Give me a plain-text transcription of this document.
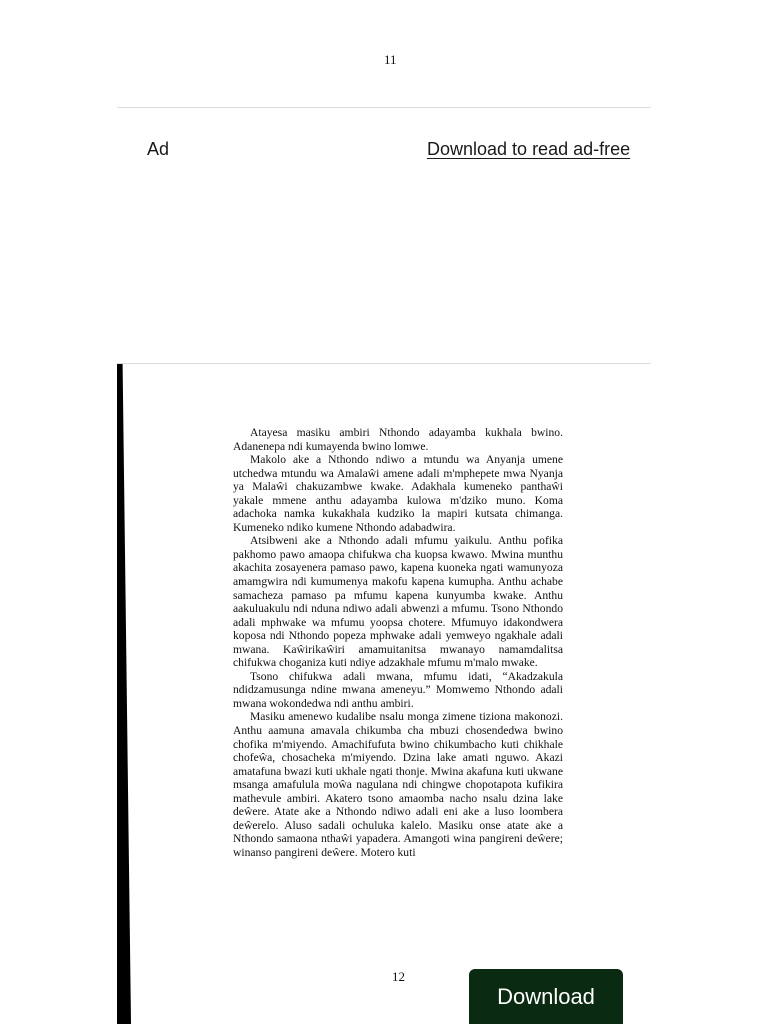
11
Ad	Download to read ad-free

Atayesa masiku ambiri Nthondo adayamba kukhala bwino. Adanenepa ndi kumayenda bwino lomwe.

Makolo ake a Nthondo ndiwo a mtundu wa Anyanja umene utchedwa mtundu wa Amalaŵi amene adali m'mphepete mwa Nyanja ya Malaŵi chakuzambwe kwake. Adakhala kumeneko panthaŵi yakale mmene anthu adayamba kulowa m'dziko muno. Koma adachoka namka kukakhala kudziko la mapiri kutsata chimanga. Kumeneko ndiko kumene Nthondo adabadwira.

Atsibweni ake a Nthondo adali mfumu yaikulu. Anthu pofika pakhomo pawo amaopa chifukwa cha kuopsa kwawo. Mwina munthu akachita zosayenera pamaso pawo, kapena kuoneka ngati wamunyoza amamgwira ndi kumumenya makofu kapena kumupha. Anthu achabe samacheza pamaso pa mfumu kapena kunyumba kwake. Anthu aakuluakulu ndi nduna ndiwo adali abwenzi a mfumu. Tsono Nthondo adali mphwake wa mfumu yoopsa chotere. Mfumuyo idakondwera koposa ndi Nthondo popeza mphwake adali yemweyo ngakhale adali mwana. Kaŵirikaŵiri amamuitanitsa mwanayo namamdalitsa chifukwa choganiza kuti ndiye adzakhale mfumu m'malo mwake.

Tsono chifukwa adali mwana, mfumu idati, “Akadzakula ndidzamusunga ndine mwana ameneyu.” Momwemo Nthondo adali mwana wokondedwa ndi anthu ambiri.

Masiku amenewo kudalibe nsalu monga zimene tiziona makonozi. Anthu aamuna amavala chikumba cha mbuzi chosendedwa bwino chofika m'miyendo. Amachifufuta bwino chikumbacho kuti chikhale chofeŵa, chosacheka m'miyendo. Dzina lake amati nguwo. Akazi amatafuna bwazi kuti ukhale ngati thonje. Mwina akafuna kuti ukwane msanga amafulula moŵa nagulana ndi chingwe chopotapota kufikira mathevule ambiri. Akatero tsono amaomba nacho nsalu dzina lake deŵere. Atate ake a Nthondo ndiwo adali eni ake a luso loombera deŵerelo. Aluso sadali ochuluka kalelo. Masiku onse atate ake a Nthondo samaona nthaŵi yapadera. Amangoti wina pangireni deŵere; winanso pangireni deŵere. Motero kuti

12
Download
